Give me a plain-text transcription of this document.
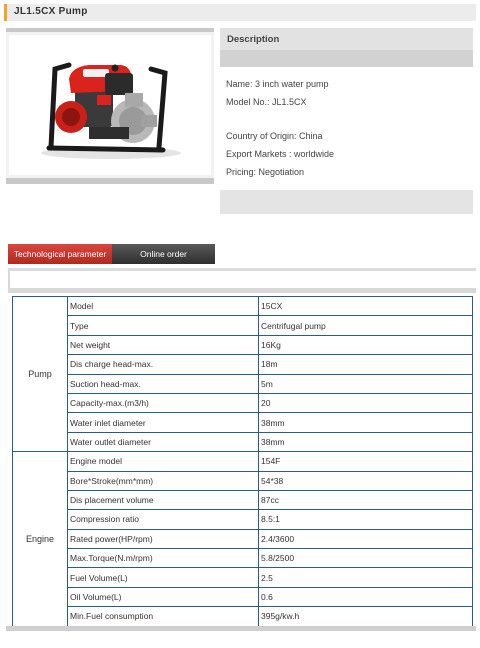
JL1.5CX Pump
Description
Name: 3 inch water pump
Model No.: JL1.5CX
Country of Origin: China
Export Markets : worldwide
Pricing: Negotiation
Technological parameter	Online order
Pump	Model	15CX
	Type	Centrifugal pump
	Net weight	16Kg
	Dis charge head-max.	18m
	Suction head-max.	5m
	Capacity-max.(m3/h)	20
	Water inlet diameter	38mm
	Water outlet diameter	38mm
Engine	Engine model	154F
	Bore*Stroke(mm*mm)	54*38
	Dis placement volume	87cc
	Compression ratio	8.5:1
	Rated power(HP/rpm)	2.4/3600
	Max.Torque(N.m/rpm)	5.8/2500
	Fuel Volume(L)	2.5
	Oil Volume(L)	0.6
	Min.Fuel consumption	395g/kw.h
